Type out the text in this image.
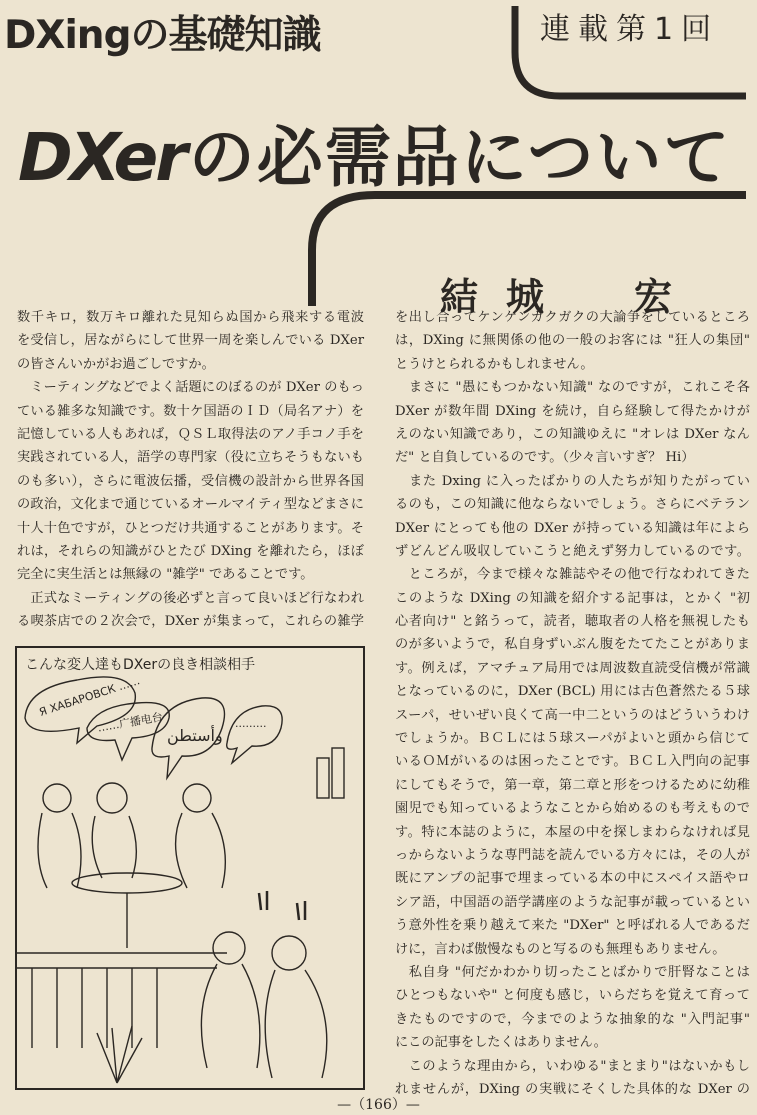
DXingの基礎知識	連載第1回
DXerの必需品について
結 城 宏
数千キロ，数万キロ離れた見知らぬ国から飛来する電波
を受信し，居ながらにして世界一周を楽しんでいる DXer
の皆さんいかがお過ごしですか。
　ミーティングなどでよく話題にのぼるのが DXer のもっ
ている雑多な知識です。数十ケ国語のＩＤ（局名アナ）を
記憶している人もあれば，ＱＳＬ取得法のアノ手コノ手を
実践されている人，語学の専門家（役に立ちそうもないも
のも多い），さらに電波伝播，受信機の設計から世界各国
の政治，文化まで通じているオールマイティ型などまさに
十人十色ですが，ひとつだけ共通することがあります。そ
れは，それらの知識がひとたび DXing を離れたら，ほぼ
完全に実生活とは無縁の "雑学" であることです。
　正式なミーティングの後必ずと言って良いほど行なわれ
る喫茶店での２次会で，DXer が集まって，これらの雑学
を出し合ってケンケンガクガクの大論争をしているところ
は，DXing に無関係の他の一般のお客には "狂人の集団"
とうけとられるかもしれません。
　まさに "愚にもつかない知識" なのですが，これこそ各
DXer が数年間 DXing を続け，自ら経験して得たかけが
えのない知識であり，この知識ゆえに "オレは DXer なん
だ" と自負しているのです。（少々言いすぎ？ Hi）
　また Dxing に入ったばかりの人たちが知りたがってい
るのも，この知識に他ならないでしょう。さらにベテラン
DXer にとっても他の DXer が持っている知識は年によら
ずどんどん吸収していこうと絶えず努力しているのです。
　ところが，今まで様々な雑誌やその他で行なわれてきた
このような DXing の知識を紹介する記事は，とかく "初
心者向け" と銘うって，読者，聴取者の人格を無視したも
のが多いようで，私自身ずいぶん腹をたてたことがありま
す。例えば，アマチュア局用では周波数直読受信機が常識
となっているのに，DXer (BCL) 用には古色蒼然たる５球
スーパ，せいぜい良くて高一中二というのはどういうわけ
でしょうか。ＢＣＬには５球スーパがよいと頭から信じて
いるＯＭがいるのは困ったことです。ＢＣＬ入門向の記事
にしてもそうで，第一章，第二章と形をつけるために幼稚
園児でも知っているようなことから始めるのも考えもので
す。特に本誌のように，本屋の中を探しまわらなければ見
っからないような専門誌を読んでいる方々には，その人が
既にアンプの記事で埋まっている本の中にスペイス語やロ
シア語，中国語の語学講座のような記事が載っているとい
う意外性を乗り越えて来た "DXer" と呼ばれる人であるだ
けに，言わば傲慢なものと写るのも無理もありません。
　私自身 "何だかわかり切ったことばかりで肝腎なことは
ひとつもないや" と何度も感じ，いらだちを覚えて育って
きたものですので，今までのような抽象的な "入門記事"
にこの記事をしたくはありません。
　このような理由から，いわゆる"まとまり"はないかもし
れませんが，DXing の実戦にそくした具体的な DXer の
こんな変人達もDXerの良き相談相手
Я ХАБАРОВСК ……
……广播电台
وأستطن ·········
—（166）—
